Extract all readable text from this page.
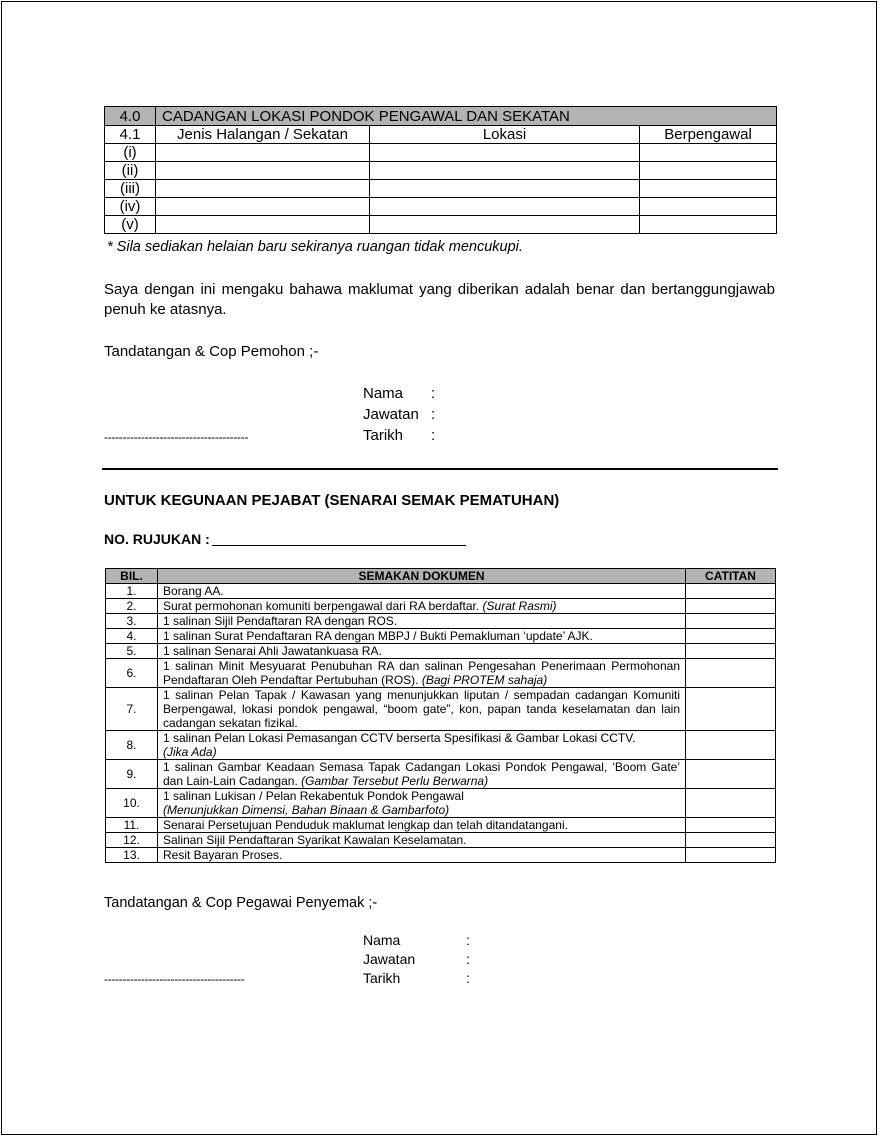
4.0	CADANGAN LOKASI PONDOK PENGAWAL DAN SEKATAN		
4.1	Jenis Halangan / Sekatan	Lokasi	Berpengawal
(i)			
(ii)			
(iii)			
(iv)			
(v)			
* Sila sediakan helaian baru sekiranya ruangan tidak mencukupi.
Saya dengan ini mengaku bahawa maklumat yang diberikan adalah benar dan bertanggungjawab penuh ke atasnya.
Tandatangan & Cop Pemohon ;-
Nama :
Jawatan :
Tarikh :
---------------------------------------
UNTUK KEGUNAAN PEJABAT (SENARAI SEMAK PEMATUHAN)
NO. RUJUKAN :
BIL.	SEMAKAN DOKUMEN	CATITAN
1.	Borang AA.	
2.	Surat permohonan komuniti berpengawal dari RA berdaftar. (Surat Rasmi)	
3.	1 salinan Sijil Pendaftaran RA dengan ROS.	
4.	1 salinan Surat Pendaftaran RA dengan MBPJ / Bukti Pemakluman ‘update’ AJK.	
5.	1 salinan Senarai Ahli Jawatankuasa RA.	
6.	1 salinan Minit Mesyuarat Penubuhan RA dan salinan Pengesahan Penerimaan Permohonan Pendaftaran Oleh Pendaftar Pertubuhan (ROS). (Bagi PROTEM sahaja)	
7.	1 salinan Pelan Tapak / Kawasan yang menunjukkan liputan / sempadan cadangan Komuniti Berpengawal, lokasi pondok pengawal, “boom gate”, kon, papan tanda keselamatan dan lain cadangan sekatan fizikal.	
8.	1 salinan Pelan Lokasi Pemasangan CCTV berserta Spesifikasi & Gambar Lokasi CCTV.
(Jika Ada)	
9.	1 salinan Gambar Keadaan Semasa Tapak Cadangan Lokasi Pondok Pengawal, ‘Boom Gate’ dan Lain-Lain Cadangan. (Gambar Tersebut Perlu Berwarna)	
10.	1 salinan Lukisan / Pelan Rekabentuk Pondok Pengawal
(Menunjukkan Dimensi, Bahan Binaan & Gambarfoto)	
11.	Senarai Persetujuan Penduduk maklumat lengkap dan telah ditandatangani.	
12.	Salinan Sijil Pendaftaran Syarikat Kawalan Keselamatan.	
13.	Resit Bayaran Proses.	
Tandatangan & Cop Pegawai Penyemak ;-
Nama	:
Jawatan	:
Tarikh	:
--------------------------------------
